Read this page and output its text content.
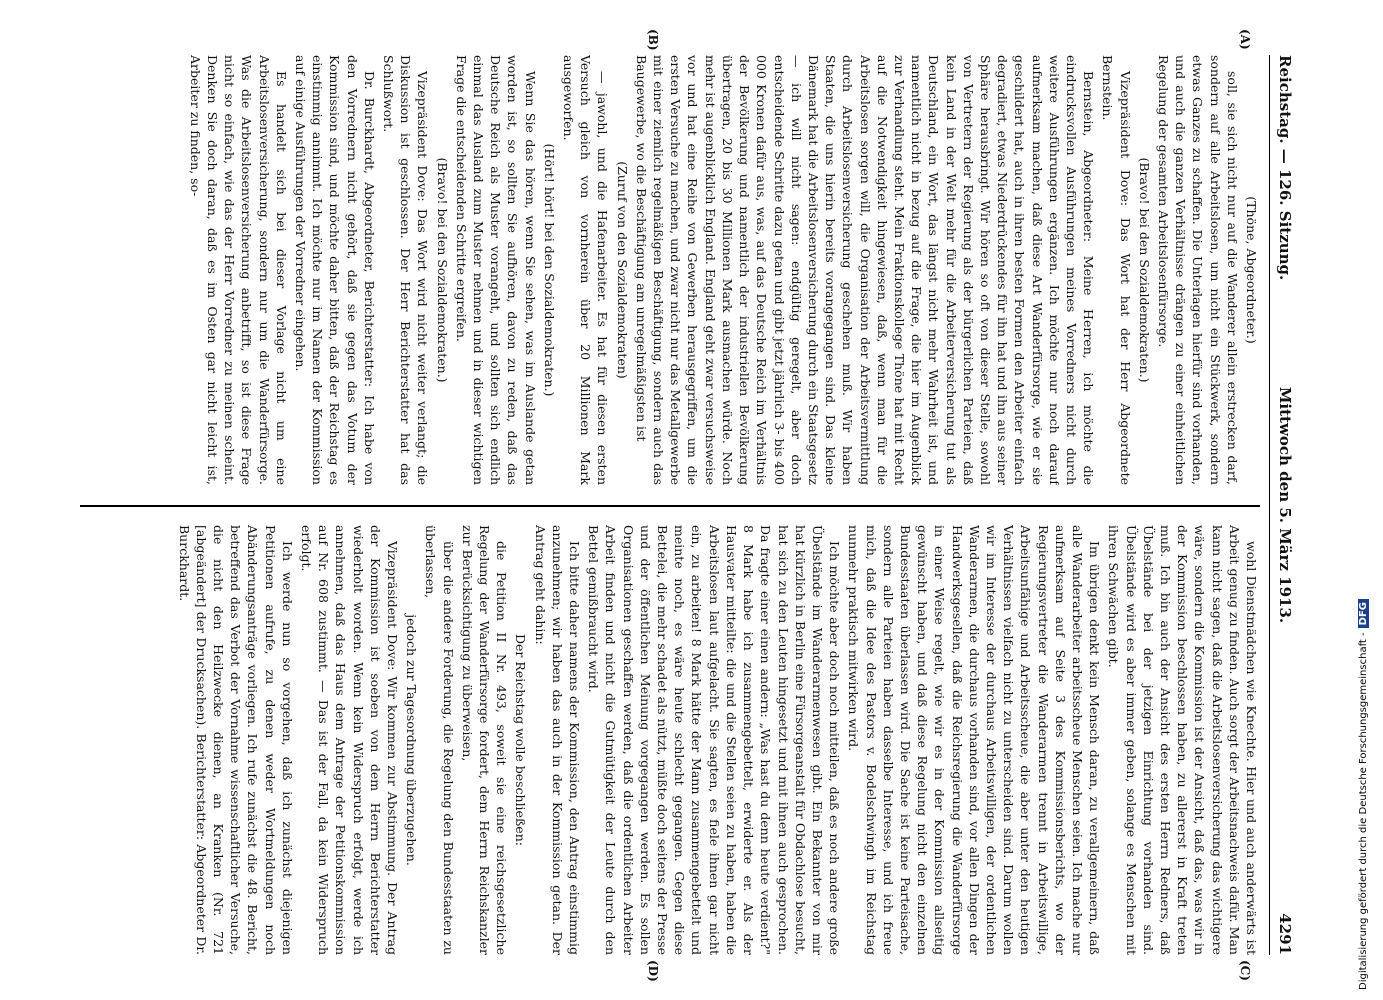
Reichstag. — 126. Sitzung.
Mittwoch den 5. März 1913.
4291
(A)
(B)
(C)
(D)

(Thöne, Abgeordneter.)

soll, sie sich nicht nur auf die Wanderer allein erstrecken darf, sondern auf alle Arbeitslosen, um nicht ein Stückwerk, sondern etwas Ganzes zu schaffen. Die Unterlagen hierfür sind vorhanden, und auch die ganzen Verhältnisse drängen zu einer einheitlichen Regelung der gesamten Arbeitslosenfürsorge.

(Bravo! bei den Sozialdemokraten.)

Vizepräsident Dove: Das Wort hat der Herr Abgeordnete Bernstein.

Bernstein, Abgeordneter: Meine Herren, ich möchte die eindrucksvollen Ausführungen meines Vorredners nicht durch weitere Ausführungen ergänzen. Ich möchte nur noch darauf aufmerksam machen, daß diese Art Wanderfürsorge, wie er sie geschildert hat, auch in ihren besten Formen den Arbeiter einfach degradiert, etwas Niederdrückendes für ihn hat und ihn aus seiner Sphäre herausbringt. Wir hören so oft von dieser Stelle, sowohl von Vertretern der Regierung als der bürgerlichen Parteien, daß kein Land in der Welt mehr für die Arbeiterversicherung tut als Deutschland, ein Wort, das längst nicht mehr Wahrheit ist, und namentlich nicht in bezug auf die Frage, die hier im Augenblick zur Verhandlung steht. Mein Fraktionskollege Thöne hat mit Recht auf die Notwendigkeit hingewiesen, daß, wenn man für die Arbeitslosen sorgen will, die Organisation der Arbeitsvermittlung durch Arbeitslosenversicherung geschehen muß. Wir haben Staaten, die uns hierin bereits vorangegangen sind. Das kleine Dänemark hat die Arbeitslosenversicherung durch ein Staatsgesetz — ich will nicht sagen: endgültig geregelt, aber doch entscheidende Schritte dazu getan und gibt jetzt jährlich 3- bis 400 000 Kronen dafür aus, was, auf das Deutsche Reich im Verhältnis der Bevölkerung und namentlich der industriellen Bevölkerung übertragen, 20 bis 30 Millionen Mark ausmachen würde. Noch mehr ist augenblicklich England. England geht zwar versuchsweise vor und hat eine Reihe von Gewerben herausgegriffen, um die ersten Versuche zu machen, und zwar nicht nur das Metallgewerbe mit einer ziemlich regelmäßigen Beschäftigung, sondern auch das Baugewerbe, wo die Beschäftigung am unregelmäßigsten ist

(Zuruf von den Sozialdemokraten)

— jawohl, und die Hafenarbeiter. Es hat für diesen ersten Versuch gleich von vornherein über 20 Millionen Mark ausgeworfen.

(Hört! hört! bei den Sozialdemokraten.)

Wenn Sie das hören, wenn Sie sehen, was im Auslande getan worden ist, so sollten Sie aufhören, davon zu reden, daß das Deutsche Reich als Muster vorangeht, und sollten sich endlich einmal das Ausland zum Muster nehmen und in dieser wichtigen Frage die entscheidenden Schritte ergreifen.

(Bravo! bei den Sozialdemokraten.)

Vizepräsident Dove: Das Wort wird nicht weiter verlangt; die Diskussion ist geschlossen. Der Herr Berichterstatter hat das Schlußwort.

Dr. Burckhardt, Abgeordneter, Berichterstatter: Ich habe von den Vorrednern nicht gehört, daß sie gegen das Votum der Kommission sind, und möchte daher bitten, daß der Reichstag es einstimmig annimmt. Ich möchte nur im Namen der Kommission auf einige Ausführungen der Vorredner eingehen.

Es handelt sich bei dieser Vorlage nicht um eine Arbeitslosenversicherung, sondern nur um die Wanderfürsorge. Was die Arbeitslosenversicherung anbetrifft, so ist diese Frage nicht so einfach, wie das der Herr Vorredner zu meinen scheint. Denken Sie doch daran, daß es im Osten gar nicht leicht ist, Arbeiter zu finden, so-

wohl Dienstmädchen wie Knechte. Hier und auch anderwärts ist Arbeit genug zu finden. Auch sorgt der Arbeitsnachweis dafür. Man kann nicht sagen, daß die Arbeitslosenversicherung das wichtigere wäre, sondern die Kommission ist der Ansicht, daß das, was wir in der Kommission beschlossen haben, zu allererst in Kraft treten muß. Ich bin auch der Ansicht des ersten Herrn Redners, daß Übelstände bei der jetzigen Einrichtung vorhanden sind. Übelstände wird es aber immer geben, solange es Menschen mit ihren Schwächen gibt.

Im übrigen denkt kein Mensch daran, zu verallgemeinern, daß alle Wanderarbeiter arbeitsscheue Menschen seien. Ich mache nur aufmerksam auf Seite 3 des Kommissionsberichts, wo der Regierungsvertreter die Wanderarmen trennt in Arbeitswillige, Arbeitsunfähige und Arbeitsscheue, die aber unter den heutigen Verhältnissen vielfach nicht zu unterscheiden sind. Darum wollen wir im Interesse der durchaus Arbeitswilligen, der ordentlichen Wanderarmen, die durchaus vorhanden sind, vor allen Dingen der Handwerksgesellen, daß die Reichsregierung die Wanderfürsorge in einer Weise regelt, wie wir es in der Kommission allseitig gewünscht haben, und daß diese Regelung nicht den einzelnen Bundesstaaten überlassen wird. Die Sache ist keine Parteisache, sondern alle Parteien haben dasselbe Interesse, und ich freue mich, daß die Idee des Pastors v. Bodelschwingh im Reichstag nunmehr praktisch mitwirken wird.

Ich möchte aber doch noch mitteilen, daß es noch andere große Übelstände im Wanderarmenwesen gibt. Ein Bekannter von mir hat kürzlich in Berlin eine Fürsorgeanstalt für Obdachlose besucht, hat sich zu den Leuten hingesetzt und mit ihnen auch gesprochen. Da fragte einer einen andern: „Was hast du denn heute verdient?" 8 Mark habe ich zusammengebettelt, erwiderte er. Als der Hausvater mitteilte: die und die Stellen seien zu haben, haben die Arbeitslosen laut aufgelacht. Sie sagten, es fiele ihnen gar nicht ein, zu arbeiten! 8 Mark hätte der Mann zusammengebettelt und meinte noch, es wäre heute schlecht gegangen. Gegen diese Bettelei, die mehr schadet als nützt, müßte doch seitens der Presse und der öffentlichen Meinung vorgegangen werden. Es sollen Organisationen geschaffen werden, daß die ordentlichen Arbeiter Arbeit finden und nicht die Gutmütigkeit der Leute durch den Bettel gemißbraucht wird.

Ich bitte daher namens der Kommission, den Antrag einstimmig anzunehmen; wir haben das auch in der Kommission getan. Der Antrag geht dahin:

Der Reichstag wolle beschließen:

die Petition II Nr. 493, soweit sie eine reichsgesetzliche Regelung der Wanderfürsorge fordert, dem Herrn Reichskanzler zur Berücksichtigung zu überweisen,

über die andere Forderung, die Regelung den Bundesstaaten zu überlassen,

jedoch zur Tagesordnung überzugehen.

Vizepräsident Dove: Wir kommen zur Abstimmung. Der Antrag der Kommission ist soeben von dem Herrn Berichterstatter wiederholt worden. Wenn kein Widerspruch erfolgt, werde ich annehmen, daß das Haus dem Antrage der Petitionskommission auf Nr. 608 zustimmt. — Das ist der Fall, da kein Widerspruch erfolgt.

Ich werde nun so vorgehen, daß ich zunächst diejenigen Petitionen aufrufe, zu denen weder Wortmeldungen noch Abänderungsanträge vorliegen. Ich rufe zunächst die 48. Bericht, betreffend das Verbot der Vornahme wissenschaftlicher Versuche, die nicht den Heilzwecke dienen, an Kranken (Nr. 721 [abgeändert] der Drucksachen). Berichterstatter: Abgeordneter Dr. Burckhardt.

Digitalisierung gefördert durch die Deutsche Forschungsgemeinschaft -DFG
